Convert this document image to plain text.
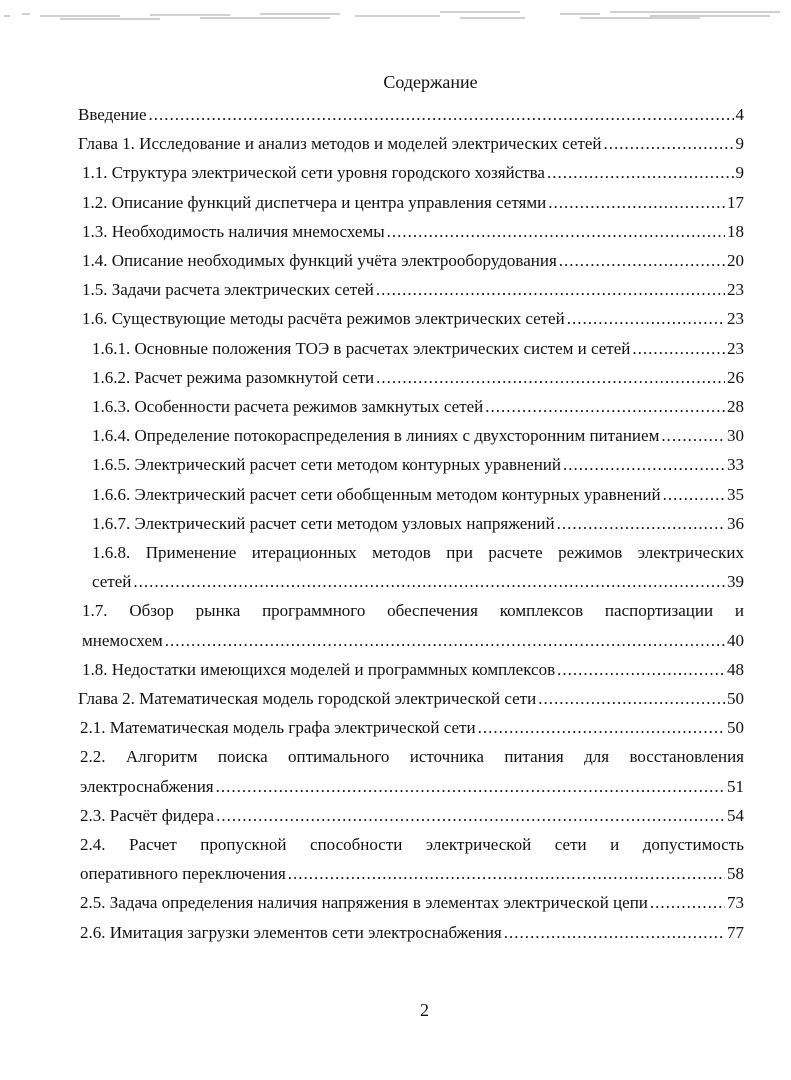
Содержание
Введение .....	4
Глава 1. Исследование и анализ методов и моделей электрических сетей .....	9
1.1. Структура электрической сети уровня городского хозяйства .....	9
1.2. Описание функций диспетчера и центра управления сетями .....	17
1.3. Необходимость наличия мнемосхемы .....	18
1.4. Описание необходимых функций учёта электрооборудования .....	20
1.5. Задачи расчета электрических сетей .....	23
1.6. Существующие методы расчёта режимов электрических сетей .....	23
1.6.1. Основные положения ТОЭ в расчетах электрических систем и сетей .....	23
1.6.2. Расчет режима разомкнутой сети .....	26
1.6.3. Особенности расчета режимов замкнутых сетей .....	28
1.6.4. Определение потокораспределения в линиях с двухсторонним питанием .....	30
1.6.5. Электрический расчет сети методом контурных уравнений .....	33
1.6.6. Электрический расчет сети обобщенным методом контурных уравнений .....	35
1.6.7. Электрический расчет сети методом узловых напряжений .....	36
1.6.8. Применение итерационных методов при расчете режимов электрических
сетей .....	39
1.7. Обзор рынка программного обеспечения комплексов паспортизации и
мнемосхем .....	40
1.8. Недостатки имеющихся моделей и программных комплексов .....	48
Глава 2. Математическая модель городской электрической сети .....	50
2.1. Математическая модель графа электрической сети .....	50
2.2. Алгоритм поиска оптимального источника питания для восстановления
электроснабжения .....	51
2.3. Расчёт фидера .....	54
2.4. Расчет пропускной способности электрической сети и допустимость
оперативного переключения .....	58
2.5. Задача определения наличия напряжения в элементах электрической цепи .....	73
2.6. Имитация загрузки элементов сети электроснабжения .....	77
2
